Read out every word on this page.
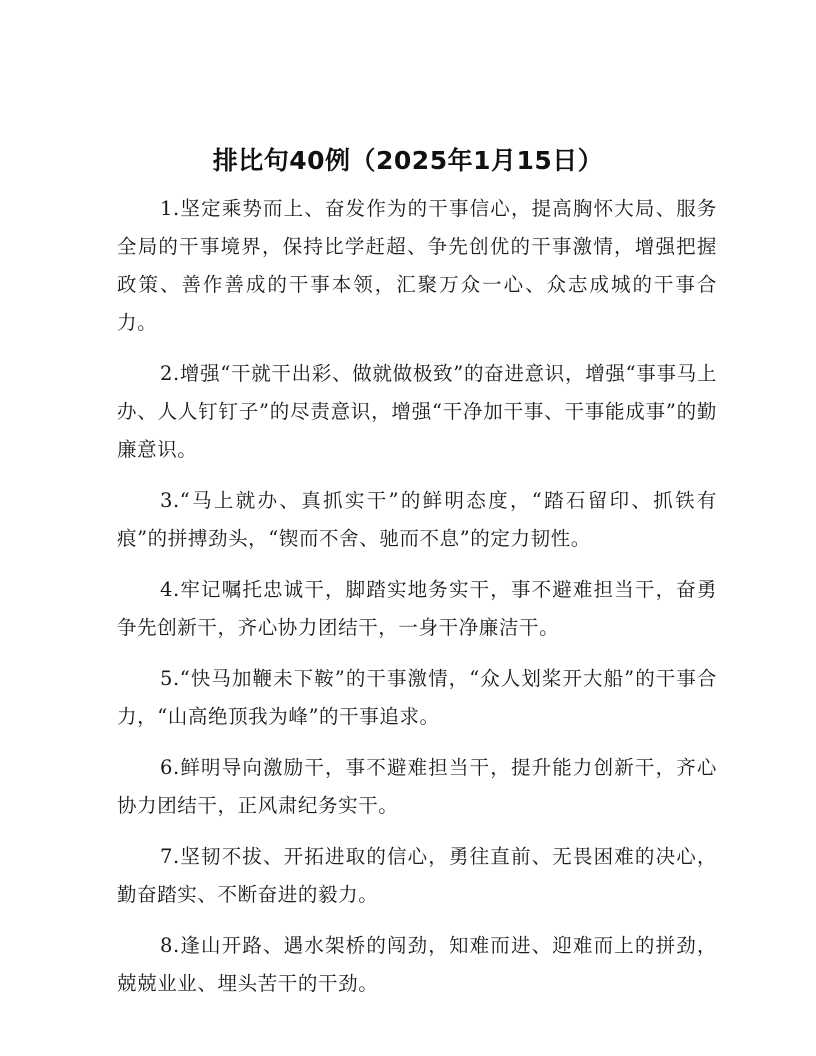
排比句40例（2025年1月15日）

1.坚定乘势而上、奋发作为的干事信心，提高胸怀大局、服务全局的干事境界，保持比学赶超、争先创优的干事激情，增强把握政策、善作善成的干事本领，汇聚万众一心、众志成城的干事合力。

2.增强“干就干出彩、做就做极致”的奋进意识，增强“事事马上办、人人钉钉子”的尽责意识，增强“干净加干事、干事能成事”的勤廉意识。

3.“马上就办、真抓实干”的鲜明态度，“踏石留印、抓铁有痕”的拼搏劲头，“锲而不舍、驰而不息”的定力韧性。

4.牢记嘱托忠诚干，脚踏实地务实干，事不避难担当干，奋勇争先创新干，齐心协力团结干，一身干净廉洁干。

5.“快马加鞭未下鞍”的干事激情，“众人划桨开大船”的干事合力，“山高绝顶我为峰”的干事追求。

6.鲜明导向激励干，事不避难担当干，提升能力创新干，齐心协力团结干，正风肃纪务实干。

7.坚韧不拔、开拓进取的信心，勇往直前、无畏困难的决心，勤奋踏实、不断奋进的毅力。

8.逢山开路、遇水架桥的闯劲，知难而进、迎难而上的拼劲，兢兢业业、埋头苦干的干劲。
